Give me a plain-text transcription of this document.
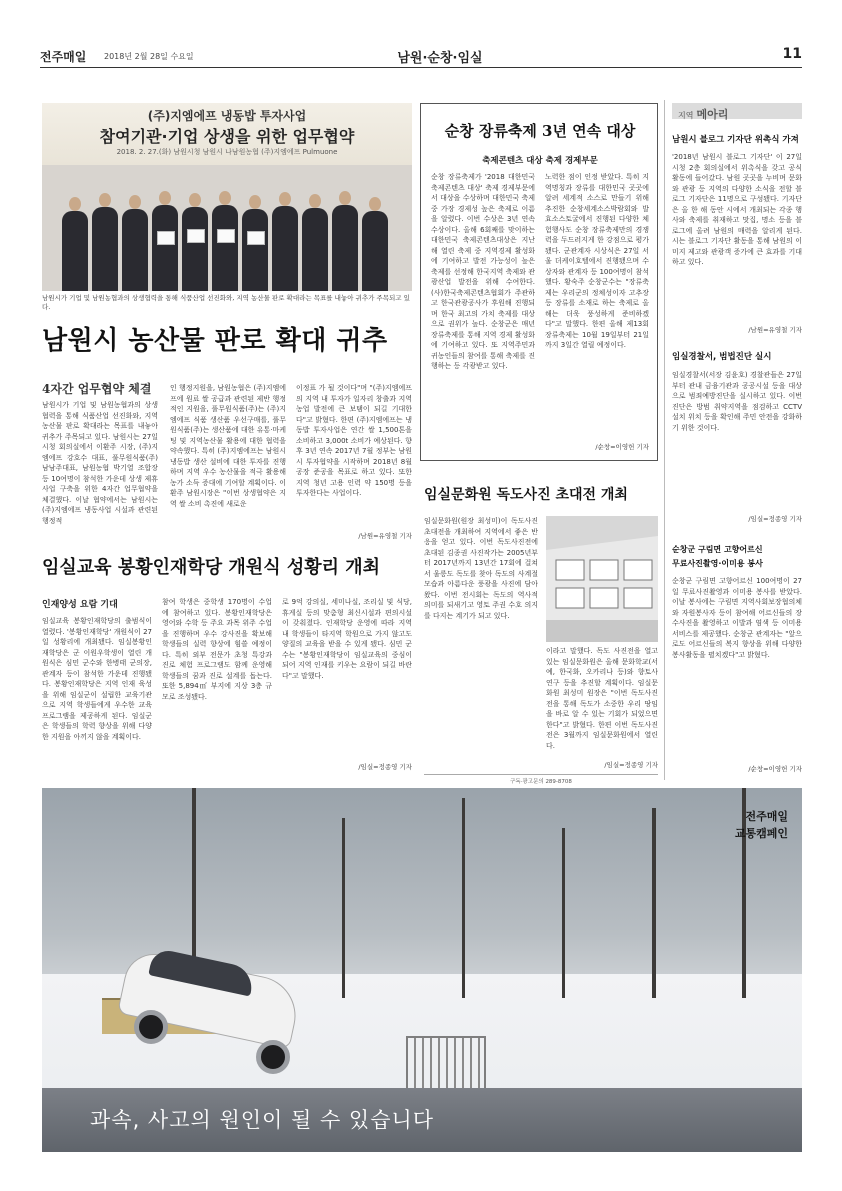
전주매일 2018년 2월 28일 수요일	남원·순창·임실	11
(주)지엠에프 냉동밥 투자사업
참여기관·기업 상생을 위한 업무협약
2018. 2. 27.(화) 남원시청 남원시 나남원농협 (주)지엠에프 Pulmuone
남원시가 기업 및 남원농협과의 상생협력을 통해 식품산업 선진화와, 지역 농산물 판로 확대라는 목표를 내놓아 귀추가 주목되고 있다.
남원시 농산물 판로 확대 귀추
4자간 업무협약 체결
남원시가 기업 및 남원농협과의 상생협력을 통해 식품산업 선진화와, 지역 농산물 판로 확대라는 목표를 내놓아 귀추가 주목되고 있다. 남원시는 27일 시청 회의실에서 이환주 시장, (주)지엠에프 강호수 대표, 풀무원식품(주) 남남주대표, 남원농협 박기열 조합장 등 10여명이 참석한 가운데 상생 제휴사업 구축을 위한 4자간 업무협약을 체결했다. 이날 협약에서는 남원시는 (주)지엠에프 냉동사업 시설과 관련된 행정적
인 행정지원을, 남원농협은 (주)지엠에프에 원료 쌀 공급과 관련된 제반 행정적인 지원을, 풀무원식품(주)는 (주)지엠에프 식품 생산품 우선구매를, 풀무원식품(주)는 생산품에 대한 유통·마케팅 및 지역농산물 활용에 대한 협력을 약속했다. 특히 (주)지엠에프는 남원시 냉동밥 생산 설비에 대한 투자를 진행하며 지역 우수 농산물을 적극 활용해 농가 소득 증대에 기여할 계획이다. 이환주 남원시장은 "이번 상생협약은 지역 쌀 소비 촉진에 새로운
이정표 가 될 것이다"며 "(주)지엠에프의 지역 내 투자가 일자리 창출과 지역 농업 발전에 큰 보탬이 되길 기대한다"고 밝혔다. 한편 (주)지엠에프는 냉동밥 투자사업은 연간 쌀 1,500톤을 소비하고 3,000t 소비가 예상된다. 향후 3년 연속 2017년 7월 정부는 남원시 투자협약을 시작하며 2018년 8월 공장 준공을 목표로 하고 있다. 또한 지역 청년 고용 인력 약 150명 등을 투자한다는 사업이다.
/남원=유영철 기자
순창 장류축제 3년 연속 대상
축제콘텐츠 대상 축제 경제부문
순창 장류축제가 '2018 대한민국 축제콘텐츠 대상' 축제 경제부문에서 대상을 수상하며 대한민국 축제 중 가장 경제성 높은 축제로 이름을 알렸다. 이번 수상은 3년 연속 수상이다. 올해 6회째를 맞이하는 대한민국 축제콘텐츠대상은 지난해 열린 축제 중 지역경제 활성화에 기여하고 발전 가능성이 높은 축제를 선정해 한국지역 축제와 관광산업 발전을 위해 수여한다. (사)한국축제콘텐츠협회가 주관하고 한국관광공사가 후원해 진행되며 한국 최고의 가치 축제를 대상으로 권위가 높다. 순창군은 매년 장류축제를 통해 지역 경제 활성화에 기여하고 있다. 또 지역주민과 귀농인들의 참여를 통해 축제를 진행하는 등 각광받고 있다.
노력한 점이 인정 받았다. 특히 지역명칭과 장류를 대한민국 곳곳에 알려 세계적 소스로 만들기 위해 추진한 순창세계소스박람회와 발효소스토굴에서 진행된 다양한 체험행사도 순창 장류축제만의 경쟁력을 두드러지게 한 강점으로 평가됐다. 군관계자 시상식은 27일 서울 더케이호텔에서 진행됐으며 수상자와 관계자 등 100여명이 참석했다. 황숙주 순창군수는 "장류축제는 우리군의 정체성이자 고추장 등 장류를 소재로 하는 축제로 올해는 더욱 풍성하게 준비하겠다"고 말했다. 한편 올해 제13회 장류축제는 10월 19일부터 21일까지 3일간 열릴 예정이다.
/순창=이영헌 기자
임실문화원 독도사진 초대전 개최
임실문화원(원장 최성미)이 독도사진 초대전을 개최하여 지역에서 좋은 반응을 얻고 있다. 이번 독도사진전에 초대된 김종권 사진작가는 2005년부터 2017년까지 13년간 17회에 걸쳐서 울릉도 독도를 찾아 독도의 사계절 모습과 아름다운 풍광을 사진에 담아 왔다. 이번 전시회는 독도의 역사적 의미를 되새기고 영토 주권 수호 의지를 다지는 계기가 되고 있다.
이라고 말했다. 독도 사진전을 열고 있는 임실문화원은 올해 문화학교(서예, 한국화, 오카리나 등)와 향토사 연구 등을 추진할 계획이다. 임실문화원 최성미 원장은 "이번 독도사진전을 통해 독도가 소중한 우리 땅임을 바로 알 수 있는 기회가 되었으면 한다"고 밝혔다. 한편 이번 독도사진전은 3월까지 임실문화원에서 열린다.
/임실=정종영 기자
구독·광고문의 289-8708
지역 메아리
남원시 블로그 기자단 위촉식 가져
'2018년 남원시 블로그 기자단' 이 27일 시청 2층 회의실에서 위촉식을 갖고 공식 활동에 들어갔다. 남원 곳곳을 누비며 문화와 관광 등 지역의 다양한 소식을 전할 블로그 기자단은 11명으로 구성됐다. 기자단은 올 한 해 동안 시에서 개최되는 각종 행사와 축제를 취재하고 맛집, 명소 등을 블로그에 올려 남원의 매력을 알리게 된다. 시는 블로그 기자단 활동을 통해 남원의 이미지 제고와 관광객 증가에 큰 효과를 기대하고 있다.
/남원=유영철 기자
임실경찰서, 범법진단 실시
임실경찰서(서장 김윤호) 경찰관들은 27일부터 관내 금융기관과 공공시설 등을 대상으로 범죄예방진단을 실시하고 있다. 이번 진단은 방범 취약지역을 점검하고 CCTV 설치 위치 등을 확인해 주민 안전을 강화하기 위한 것이다.
/임실=정종영 기자
순창군 구림면 고향어르신
무료사진촬영·이미용 봉사
순창군 구림면 고향어르신 100여명이 27일 무료사진촬영과 이미용 봉사를 받았다. 이날 봉사에는 구림면 지역사회보장협의체와 자원봉사자 등이 참여해 어르신들의 장수사진을 촬영하고 이발과 염색 등 이미용 서비스를 제공했다. 순창군 관계자는 "앞으로도 어르신들의 복지 향상을 위해 다양한 봉사활동을 펼치겠다"고 밝혔다.
/순창=이영헌 기자
임실교육 봉황인재학당 개원식 성황리 개최
인재양성 요람 기대
임실교육 봉황인재학당의 출범식이 열렸다. '봉황인재학당' 개원식이 27일 성황리에 개최됐다. 임실봉황인재학당은 군 이원우학생이 열린 개원식은 심민 군수와 한병태 군의장, 관계자 등이 참석한 가운데 진행됐다. 봉황인재학당은 지역 인재 육성을 위해 임실군이 설립한 교육기관으로 지역 학생들에게 우수한 교육 프로그램을 제공하게 된다. 임실군은 학생들의 학력 향상을 위해 다양한 지원을 아끼지 않을 계획이다.
참여 학생은 중학생 170명이 수업에 참여하고 있다. 봉황인재학당은 영어와 수학 등 주요 과목 위주 수업을 진행하며 우수 강사진을 확보해 학생들의 실력 향상에 힘쓸 예정이다. 특히 외부 전문가 초청 특강과 진로 체험 프로그램도 함께 운영해 학생들의 꿈과 진로 설계를 돕는다. 또한 5,894㎡ 부지에 지상 3층 규모로 조성됐다.
로 9억 강의실, 세미나실, 조리실 및 식당, 휴게실 등의 맞춤형 최신시설과 편의시설이 갖춰졌다. 인재학당 운영에 따라 지역 내 학생들이 타지역 학원으로 가지 않고도 양질의 교육을 받을 수 있게 됐다. 심민 군수는 "봉황인재학당이 임실교육의 중심이 되어 지역 인재를 키우는 요람이 되길 바란다"고 말했다.
/임실=정종영 기자
전주매일
교통캠페인
과속, 사고의 원인이 될 수 있습니다
